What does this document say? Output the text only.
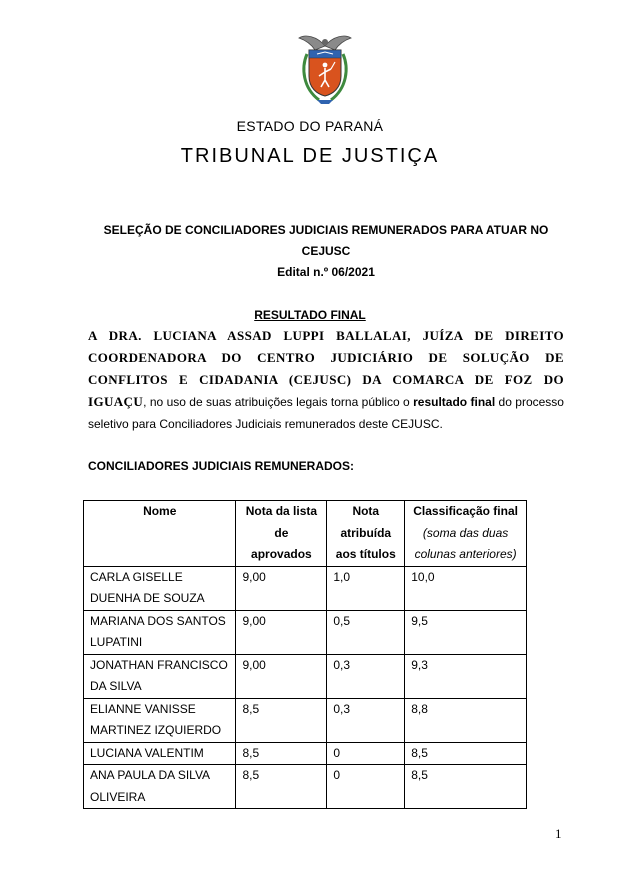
ESTADO DO PARANÁ
TRIBUNAL DE JUSTIÇA
SELEÇÃO DE CONCILIADORES JUDICIAIS REMUNERADOS PARA ATUAR NO
CEJUSC
Edital n.º 06/2021
RESULTADO FINAL
A DRA. LUCIANA ASSAD LUPPI BALLALAI, JUÍZA DE DIREITO COORDENADORA DO CENTRO JUDICIÁRIO DE SOLUÇÃO DE CONFLITOS E CIDADANIA (CEJUSC) DA COMARCA DE FOZ DO IGUAÇU, no uso de suas atribuições legais torna público o resultado final do processo seletivo para Conciliadores Judiciais remunerados deste CEJUSC.
CONCILIADORES JUDICIAIS REMUNERADOS:
Nome	Nota da lista de aprovados	Nota atribuída aos títulos	Classificação final
(soma das duas colunas anteriores)
CARLA GISELLE DUENHA DE SOUZA	9,00	1,0	10,0
MARIANA DOS SANTOS LUPATINI	9,00	0,5	9,5
JONATHAN FRANCISCO DA SILVA	9,00	0,3	9,3
ELIANNE VANISSE MARTINEZ IZQUIERDO	8,5	0,3	8,8
LUCIANA VALENTIM	8,5	0	8,5
ANA PAULA DA SILVA OLIVEIRA	8,5	0	8,5
1
